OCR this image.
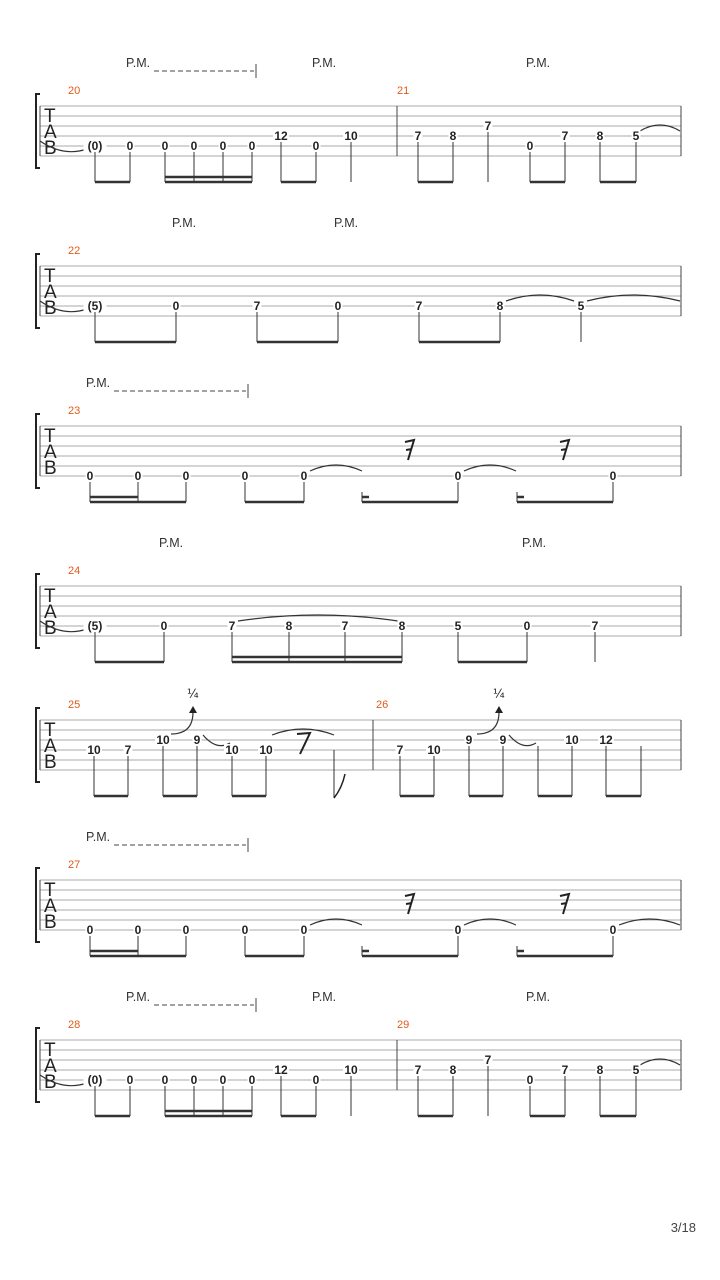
T
A
B
20	21
P.M.	P.M.	P.M.
(0) 0 0 0 0 0
12
0
10	7 8
7
0
7 8 5
T
A
B
22
P.M.	P.M.
(5)	0	7	0	7	8	5
T
A
B
23
P.M.
0	0	0	0	0	0	0
T
A
B
24
P.M.	P.M.
(5)	0	7	8	7	8	5	0	7
T
A
B
25	26
¼	¼
10 7
10 9
10 10	7 10
9 9	10 12
T
A
B
27
P.M.
0	0	0	0	0	0	0
T
A
B
28	29
P.M.	P.M.	P.M.
(0) 0 0 0 0 0
12
0
10	7 8
7
0
7 8 5
3/18
